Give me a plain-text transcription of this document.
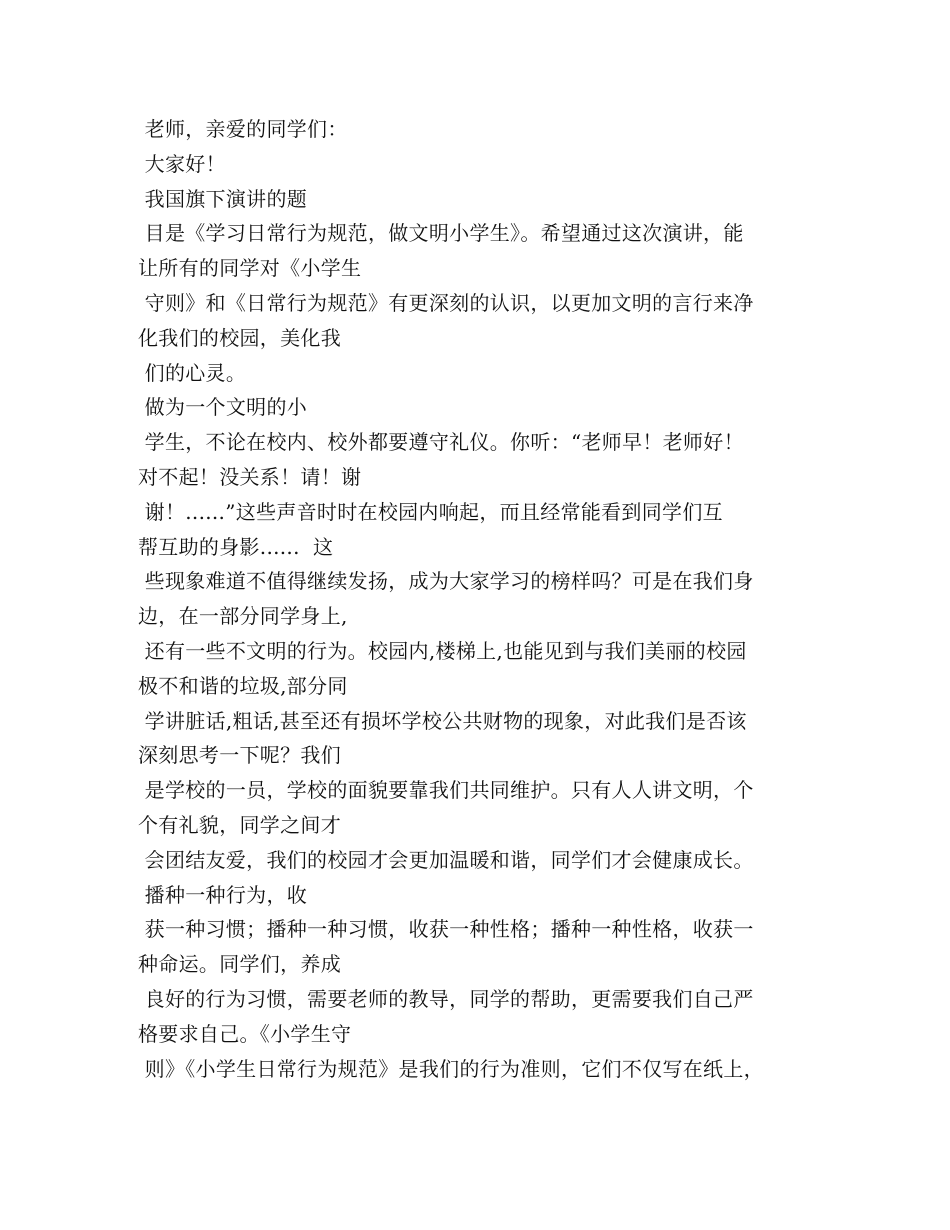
老师，亲爱的同学们：
大家好！
我国旗下演讲的题
目是《学习日常行为规范，做文明小学生》。希望通过这次演讲，能
让所有的同学对《小学生
守则》和《日常行为规范》有更深刻的认识，以更加文明的言行来净
化我们的校园，美化我
们的心灵。
做为一个文明的小
学生，不论在校内、校外都要遵守礼仪。你听：“老师早！老师好！
对不起！没关系！请！谢
谢！......”这些声音时时在校园内响起，而且经常能看到同学们互
帮互助的身影......  这
些现象难道不值得继续发扬，成为大家学习的榜样吗？可是在我们身
边，在一部分同学身上,
还有一些不文明的行为。校园内,楼梯上,也能见到与我们美丽的校园
极不和谐的垃圾,部分同
学讲脏话,粗话,甚至还有损坏学校公共财物的现象，对此我们是否该
深刻思考一下呢？我们
是学校的一员，学校的面貌要靠我们共同维护。只有人人讲文明，个
个有礼貌，同学之间才
会团结友爱，我们的校园才会更加温暖和谐，同学们才会健康成长。
播种一种行为，收
获一种习惯；播种一种习惯，收获一种性格；播种一种性格，收获一
种命运。同学们，养成
良好的行为习惯，需要老师的教导，同学的帮助，更需要我们自己严
格要求自己。《小学生守
则》《小学生日常行为规范》是我们的行为准则，它们不仅写在纸上，
